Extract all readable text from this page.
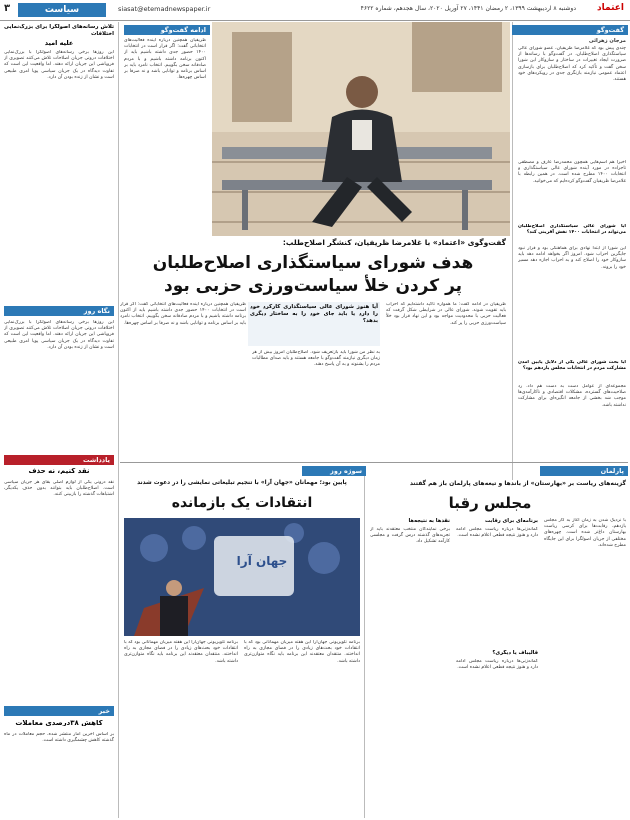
اعتماد
دوشنبه ۸ اردیبهشت ۱۳۹۹، ۲ رمضان ۱۴۴۱، ۲۷ آوریل ۲۰۲۰، سال هجدهم، شماره ۴۶۲۲
siasat@etemadnewspaper.ir
سیاست
۳
گفت‌وگو
مرجان زهرائی
چندی پیش بود که غلامرضا ظریفیان، عضو شورای عالی سیاستگذاری اصلاح‌طلبان، در گفت‌وگو با رسانه‌ها از ضرورت ایجاد تغییرات در ساختار و سازوکار این شورا سخن گفت و تأکید کرد که اصلاح‌طلبان برای بازسازی اعتماد عمومی نیازمند بازنگری جدی در رویکردهای خود هستند.
اخیرا هم اسم‌هایی همچون محمدرضا عارف و مصطفی تاجزاده در مورد آینده شورای عالی سیاستگذاری و انتخابات ۱۴۰۰ مطرح شده است. در همین رابطه با غلامرضا ظریفیان گفت‌وگو کرده‌ایم که می‌خوانید.
آیا شورای عالی سیاستگذاری اصلاح‌طلبان می‌تواند در انتخابات ۱۴۰۰ نقش آفرینی کند؟
این شورا از ابتدا نهادی برای هماهنگی بود و قرار نبود جایگزین احزاب شود. امروز اگر بخواهد ادامه دهد باید سازوکار خود را اصلاح کند و به احزاب اجازه دهد مسیر خود را بروند.
آیا بحث شورای عالی یکی از دلایل پایین آمدن مشارکت مردم در انتخابات مجلس یازدهم بود؟
مجموعه‌ای از عوامل دست به دست هم داد. رد صلاحیت‌های گسترده، مشکلات اقتصادی و ناکارآمدی‌ها موجب شد بخشی از جامعه انگیزه‌ای برای مشارکت نداشته باشد.
گفت‌وگوی «اعتماد» با غلامرضا ظریفیان، کنشگر اصلاح‌طلب:
هدف شورای سیاستگذاری اصلاح‌طلبان
پر کردن خلأ سیاست‌ورزی حزبی بود
ظریفیان در ادامه گفت: ما همواره تأکید داشته‌ایم که احزاب باید تقویت شوند. شورای عالی در شرایطی شکل گرفت که فعالیت حزبی با محدودیت مواجه بود و این نهاد قرار بود خلأ سیاست‌ورزی حزبی را پر کند.
آیا هنوز شورای عالی سیاستگذاری کارکرد خود را دارد یا باید جای خود را به ساختار دیگری بدهد؟
به نظر من شورا باید بازتعریف شود. اصلاح‌طلبان امروز بیش از هر زمان دیگری نیازمند گفت‌وگو با جامعه هستند و باید صدای مطالبات مردم را بشنوند و به آن پاسخ دهند.
ظریفیان همچنین درباره آینده فعالیت‌های انتخاباتی گفت: اگر قرار است در انتخابات ۱۴۰۰ حضور جدی داشته باشیم باید از اکنون برنامه داشته باشیم و با مردم صادقانه سخن بگوییم. انتخاب نامزد باید بر اساس برنامه و توانایی باشد و نه صرفا بر اساس چهره‌ها.
ادامه گفت‌وگو
ظریفیان همچنین درباره آینده فعالیت‌های انتخاباتی گفت: اگر قرار است در انتخابات ۱۴۰۰ حضور جدی داشته باشیم باید از اکنون برنامه داشته باشیم و با مردم صادقانه سخن بگوییم. انتخاب نامزد باید بر اساس برنامه و توانایی باشد و نه صرفا بر اساس چهره‌ها.
تلاش رسانه‌های اصولگرا برای بزرگ‌نمایی اختلافات
علیه امید
این روزها برخی رسانه‌های اصولگرا با بزرگ‌نمایی اختلافات درونی جریان اصلاحات تلاش می‌کنند تصویری از فروپاشی این جریان ارائه دهند. اما واقعیت این است که تفاوت دیدگاه در یک جریان سیاسی پویا امری طبیعی است و نشان از زنده بودن آن دارد.
نگاه روز
این روزها برخی رسانه‌های اصولگرا با بزرگ‌نمایی اختلافات درونی جریان اصلاحات تلاش می‌کنند تصویری از فروپاشی این جریان ارائه دهند. اما واقعیت این است که تفاوت دیدگاه در یک جریان سیاسی پویا امری طبیعی است و نشان از زنده بودن آن دارد.
یادداشت
نقد کنیم، نه حذف
نقد درونی یکی از لوازم اصلی بقای هر جریان سیاسی است. اصلاح‌طلبان باید بتوانند بدون حذف یکدیگر، اشتباهات گذشته را بازبینی کنند.
خبر
کاهش ۳۸درصدی معاملات
بر اساس آخرین آمار منتشر شده، حجم معاملات در ماه گذشته کاهش چشمگیری داشته است.
پارلمان
گزینه‌های ریاست بر «بهارستان» از باندها و تیغه‌های پارلمان باز هم گفتند
مجلس رقبا
با نزدیک شدن به زمان آغاز به کار مجلس یازدهم، رقابت‌ها برای کرسی ریاست بهارستان داغ‌تر شده است. چهره‌های مختلفی از جریان اصولگرا برای این جایگاه مطرح شده‌اند.
برنامه‌ای برای رقابت
گمانه‌زنی‌ها درباره ریاست مجلس ادامه دارد و هنوز نتیجه قطعی اعلام نشده است.
قالیباف یا دیگری؟
گمانه‌زنی‌ها درباره ریاست مجلس ادامه دارد و هنوز نتیجه قطعی اعلام نشده است.
نقدها به نتیجه‌ها
برخی نمایندگان منتخب معتقدند باید از تجربه‌های گذشته درس گرفت و مجلسی کارآمد تشکیل داد.
سوژه روز
پایین بود؛ مهمانان «جهان آرا» با تنجیم تبلیغاتی نمایشی را در دعوت شدند
انتقادات یک بازمانده
جهان آرا
برنامه تلویزیونی جهان‌آرا این هفته میزبان مهمانانی بود که با انتقادات خود بحث‌های زیادی را در فضای مجازی به راه انداختند. منتقدان معتقدند این برنامه باید نگاه متوازن‌تری داشته باشد.
برنامه تلویزیونی جهان‌آرا این هفته میزبان مهمانانی بود که با انتقادات خود بحث‌های زیادی را در فضای مجازی به راه انداختند. منتقدان معتقدند این برنامه باید نگاه متوازن‌تری داشته باشد.
